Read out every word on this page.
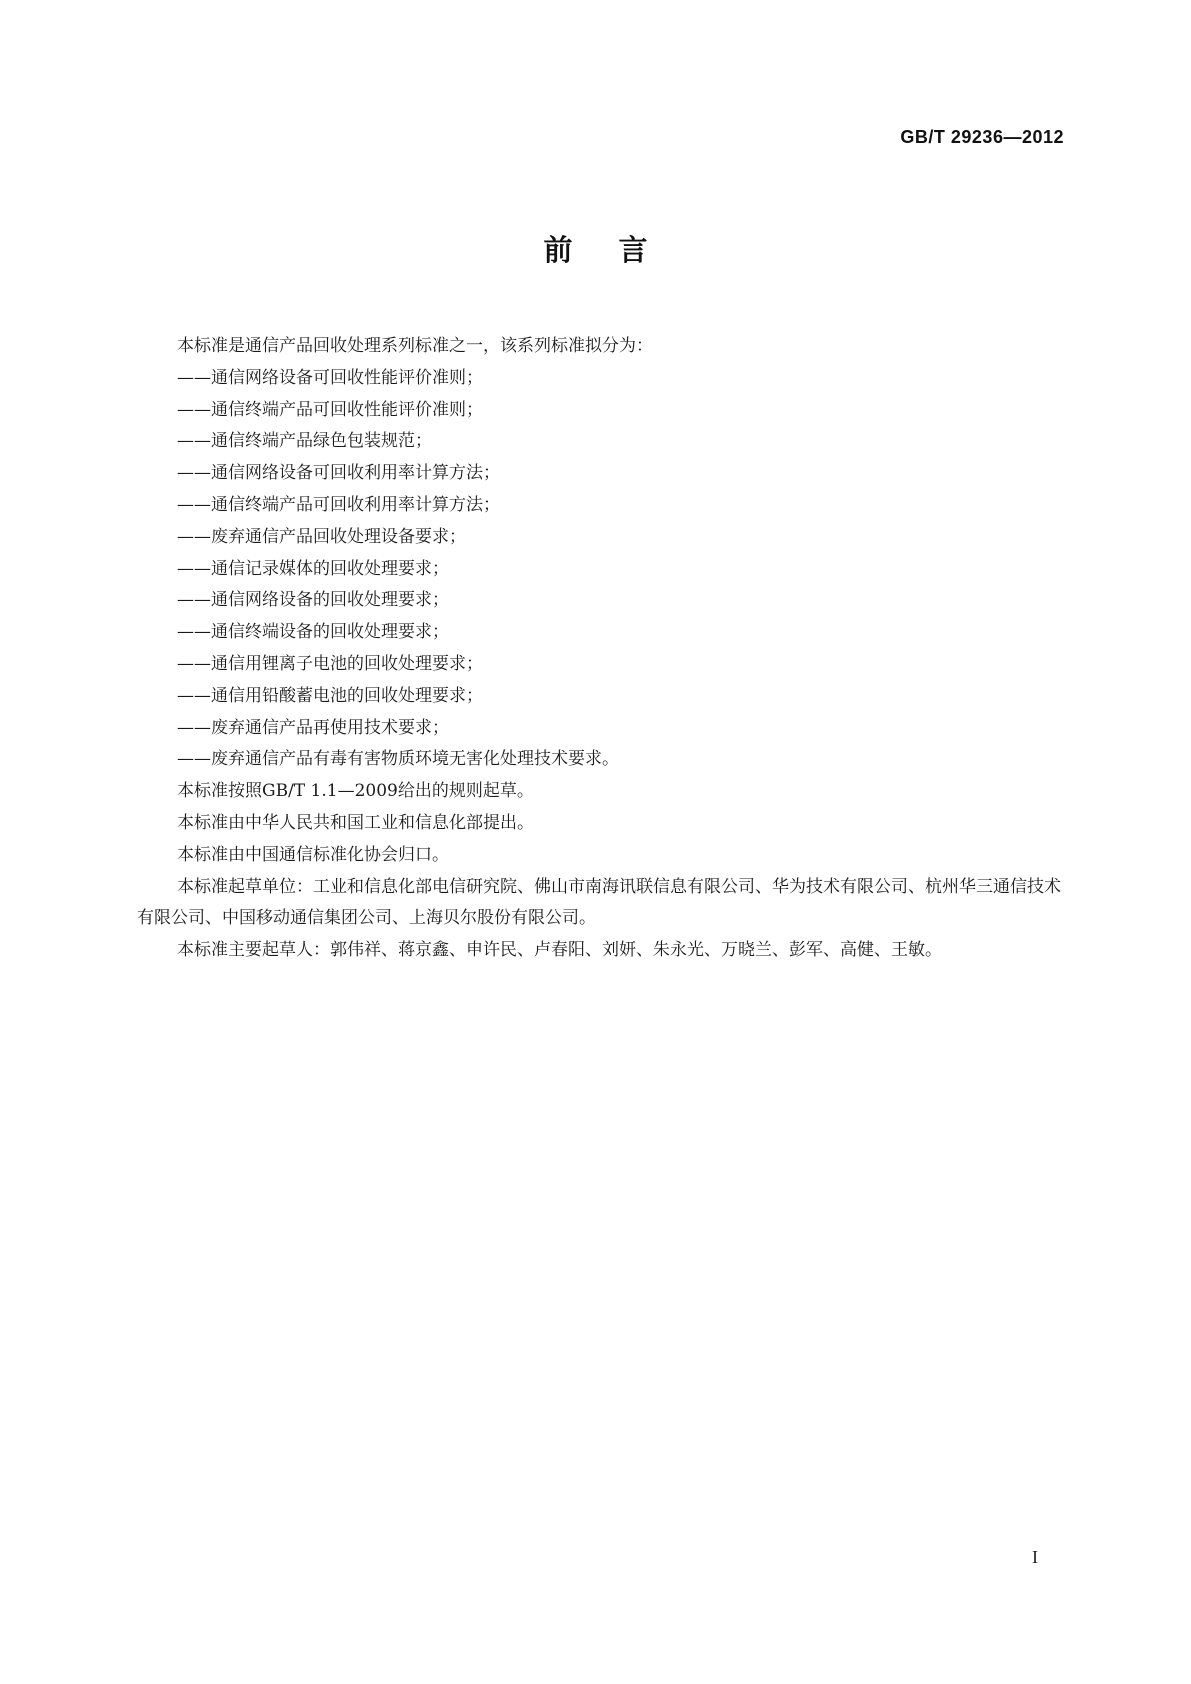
GB/T 29236—2012
前言

本标准是通信产品回收处理系列标准之一，该系列标准拟分为：

——通信网络设备可回收性能评价准则；

——通信终端产品可回收性能评价准则；

——通信终端产品绿色包装规范；

——通信网络设备可回收利用率计算方法；

——通信终端产品可回收利用率计算方法；

——废弃通信产品回收处理设备要求；

——通信记录媒体的回收处理要求；

——通信网络设备的回收处理要求；

——通信终端设备的回收处理要求；

——通信用锂离子电池的回收处理要求；

——通信用铅酸蓄电池的回收处理要求；

——废弃通信产品再使用技术要求；

——废弃通信产品有毒有害物质环境无害化处理技术要求。

本标准按照GB/T 1.1—2009给出的规则起草。

本标准由中华人民共和国工业和信息化部提出。

本标准由中国通信标准化协会归口。

本标准起草单位：工业和信息化部电信研究院、佛山市南海讯联信息有限公司、华为技术有限公司、杭州华三通信技术有限公司、中国移动通信集团公司、上海贝尔股份有限公司。

本标准主要起草人：郭伟祥、蒋京鑫、申许民、卢春阳、刘妍、朱永光、万晓兰、彭军、高健、王敏。

I
